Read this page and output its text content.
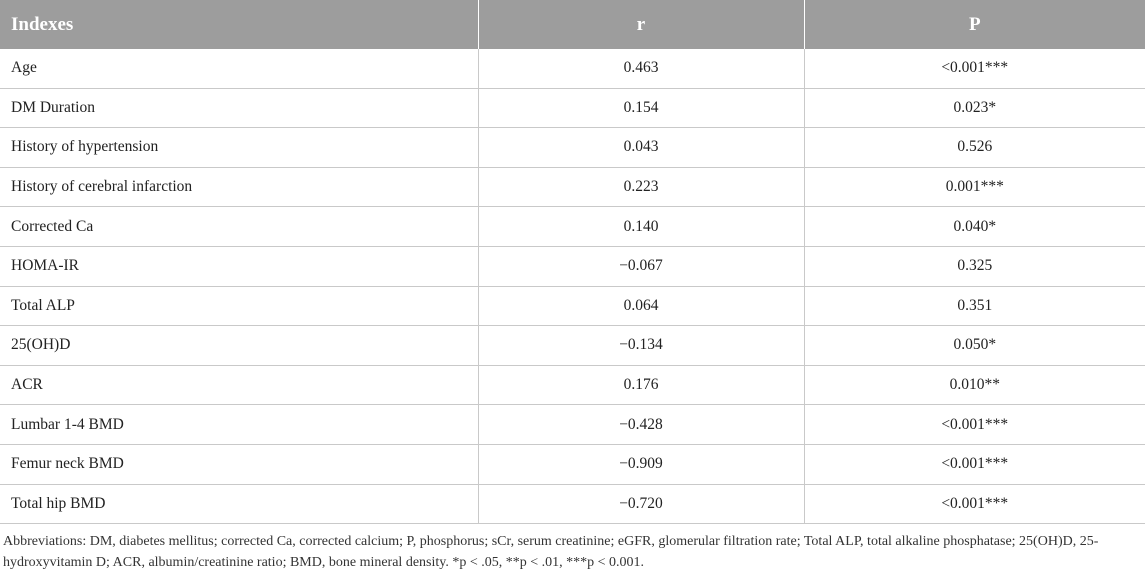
Indexes	r	P
Age	0.463	<0.001***
DM Duration	0.154	0.023*
History of hypertension	0.043	0.526
History of cerebral infarction	0.223	0.001***
Corrected Ca	0.140	0.040*
HOMA-IR	−0.067	0.325
Total ALP	0.064	0.351
25(OH)D	−0.134	0.050*
ACR	0.176	0.010**
Lumbar 1-4 BMD	−0.428	<0.001***
Femur neck BMD	−0.909	<0.001***
Total hip BMD	−0.720	<0.001***
Abbreviations: DM, diabetes mellitus; corrected Ca, corrected calcium; P, phosphorus; sCr, serum creatinine; eGFR, glomerular filtration rate; Total ALP, total alkaline phosphatase; 25(OH)D, 25-hydroxyvitamin D; ACR, albumin/creatinine ratio; BMD, bone mineral density. *p < .05, **p < .01, ***p < 0.001.
